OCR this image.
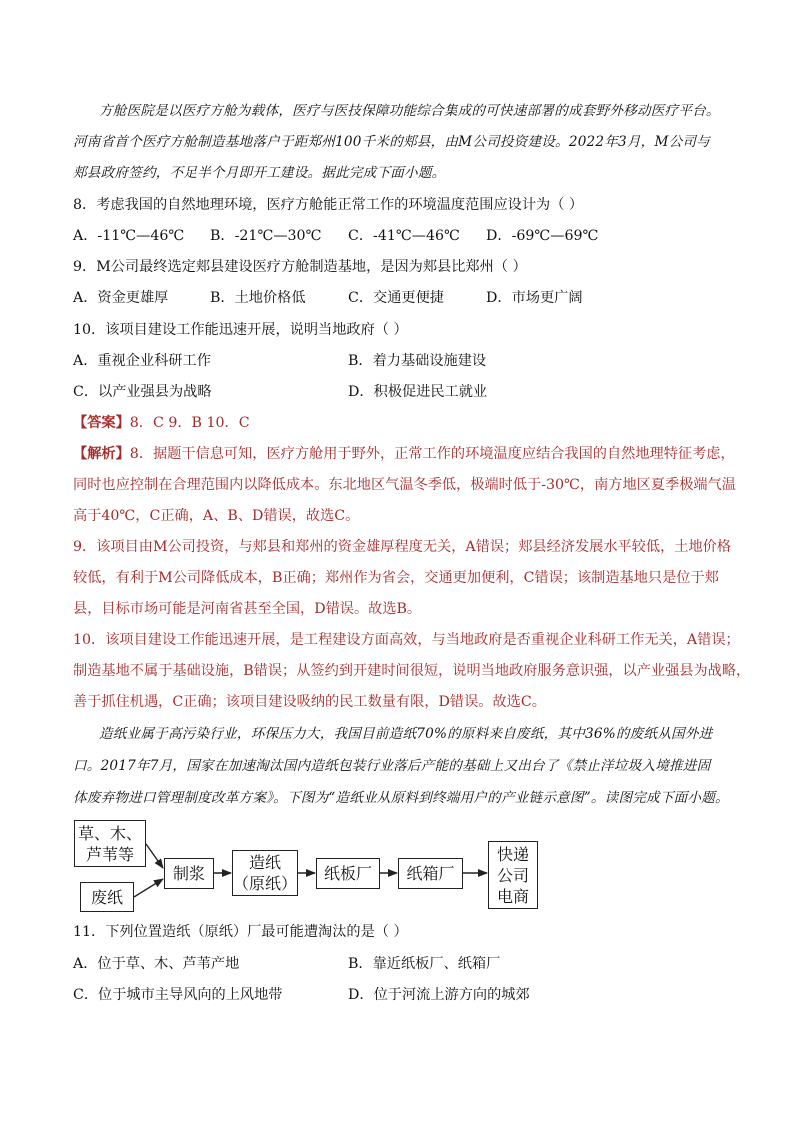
方舱医院是以医疗方舱为载体，医疗与医技保障功能综合集成的可快速部署的成套野外移动医疗平台。
河南省首个医疗方舱制造基地落户于距郑州100千米的郏县，由M公司投资建设。2022年3月，M公司与
郏县政府签约，不足半个月即开工建设。据此完成下面小题。
8．考虑我国的自然地理环境，医疗方舱能正常工作的环境温度范围应设计为（ ）
A．-11℃—46℃ B．-21℃—30℃ C．-41℃—46℃ D．-69℃—69℃
9．M公司最终选定郏县建设医疗方舱制造基地，是因为郏县比郑州（ ）
A．资金更雄厚	B．土地价格低	C．交通更便捷	D．市场更广阔
10．该项目建设工作能迅速开展，说明当地政府（ ）
A．重视企业科研工作	B．着力基础设施建设
C．以产业强县为战略	D．积极促进民工就业
【答案】8．C 9．B 10．C
【解析】8．据题干信息可知，医疗方舱用于野外，正常工作的环境温度应结合我国的自然地理特征考虑，
同时也应控制在合理范围内以降低成本。东北地区气温冬季低，极端时低于-30℃，南方地区夏季极端气温
高于40℃，C正确，A、B、D错误，故选C。
9．该项目由M公司投资，与郏县和郑州的资金雄厚程度无关，A错误；郏县经济发展水平较低，土地价格
较低，有利于M公司降低成本，B正确；郑州作为省会，交通更加便利，C错误；该制造基地只是位于郏
县，目标市场可能是河南省甚至全国，D错误。故选B。
10．该项目建设工作能迅速开展，是工程建设方面高效，与当地政府是否重视企业科研工作无关，A错误；
制造基地不属于基础设施，B错误；从签约到开建时间很短，说明当地政府服务意识强，以产业强县为战略，
善于抓住机遇，C正确；该项目建设吸纳的民工数量有限，D错误。故选C。
造纸业属于高污染行业，环保压力大，我国目前造纸70%的原料来自废纸，其中36%的废纸从国外进
口。2017年7月，国家在加速淘汰国内造纸包装行业落后产能的基础上又出台了《禁止洋垃圾入境推进固
体废弃物进口管理制度改革方案》。下图为“造纸业从原料到终端用户的产业链示意图”。读图完成下面小题。
草、木、
芦苇等
废纸
制浆
造纸
（原纸）
纸板厂	纸箱厂
快递
公司
电商
11．下列位置造纸（原纸）厂最可能遭淘汰的是（ ）
A．位于草、木、芦苇产地	B．靠近纸板厂、纸箱厂
C．位于城市主导风向的上风地带	D．位于河流上游方向的城郊
